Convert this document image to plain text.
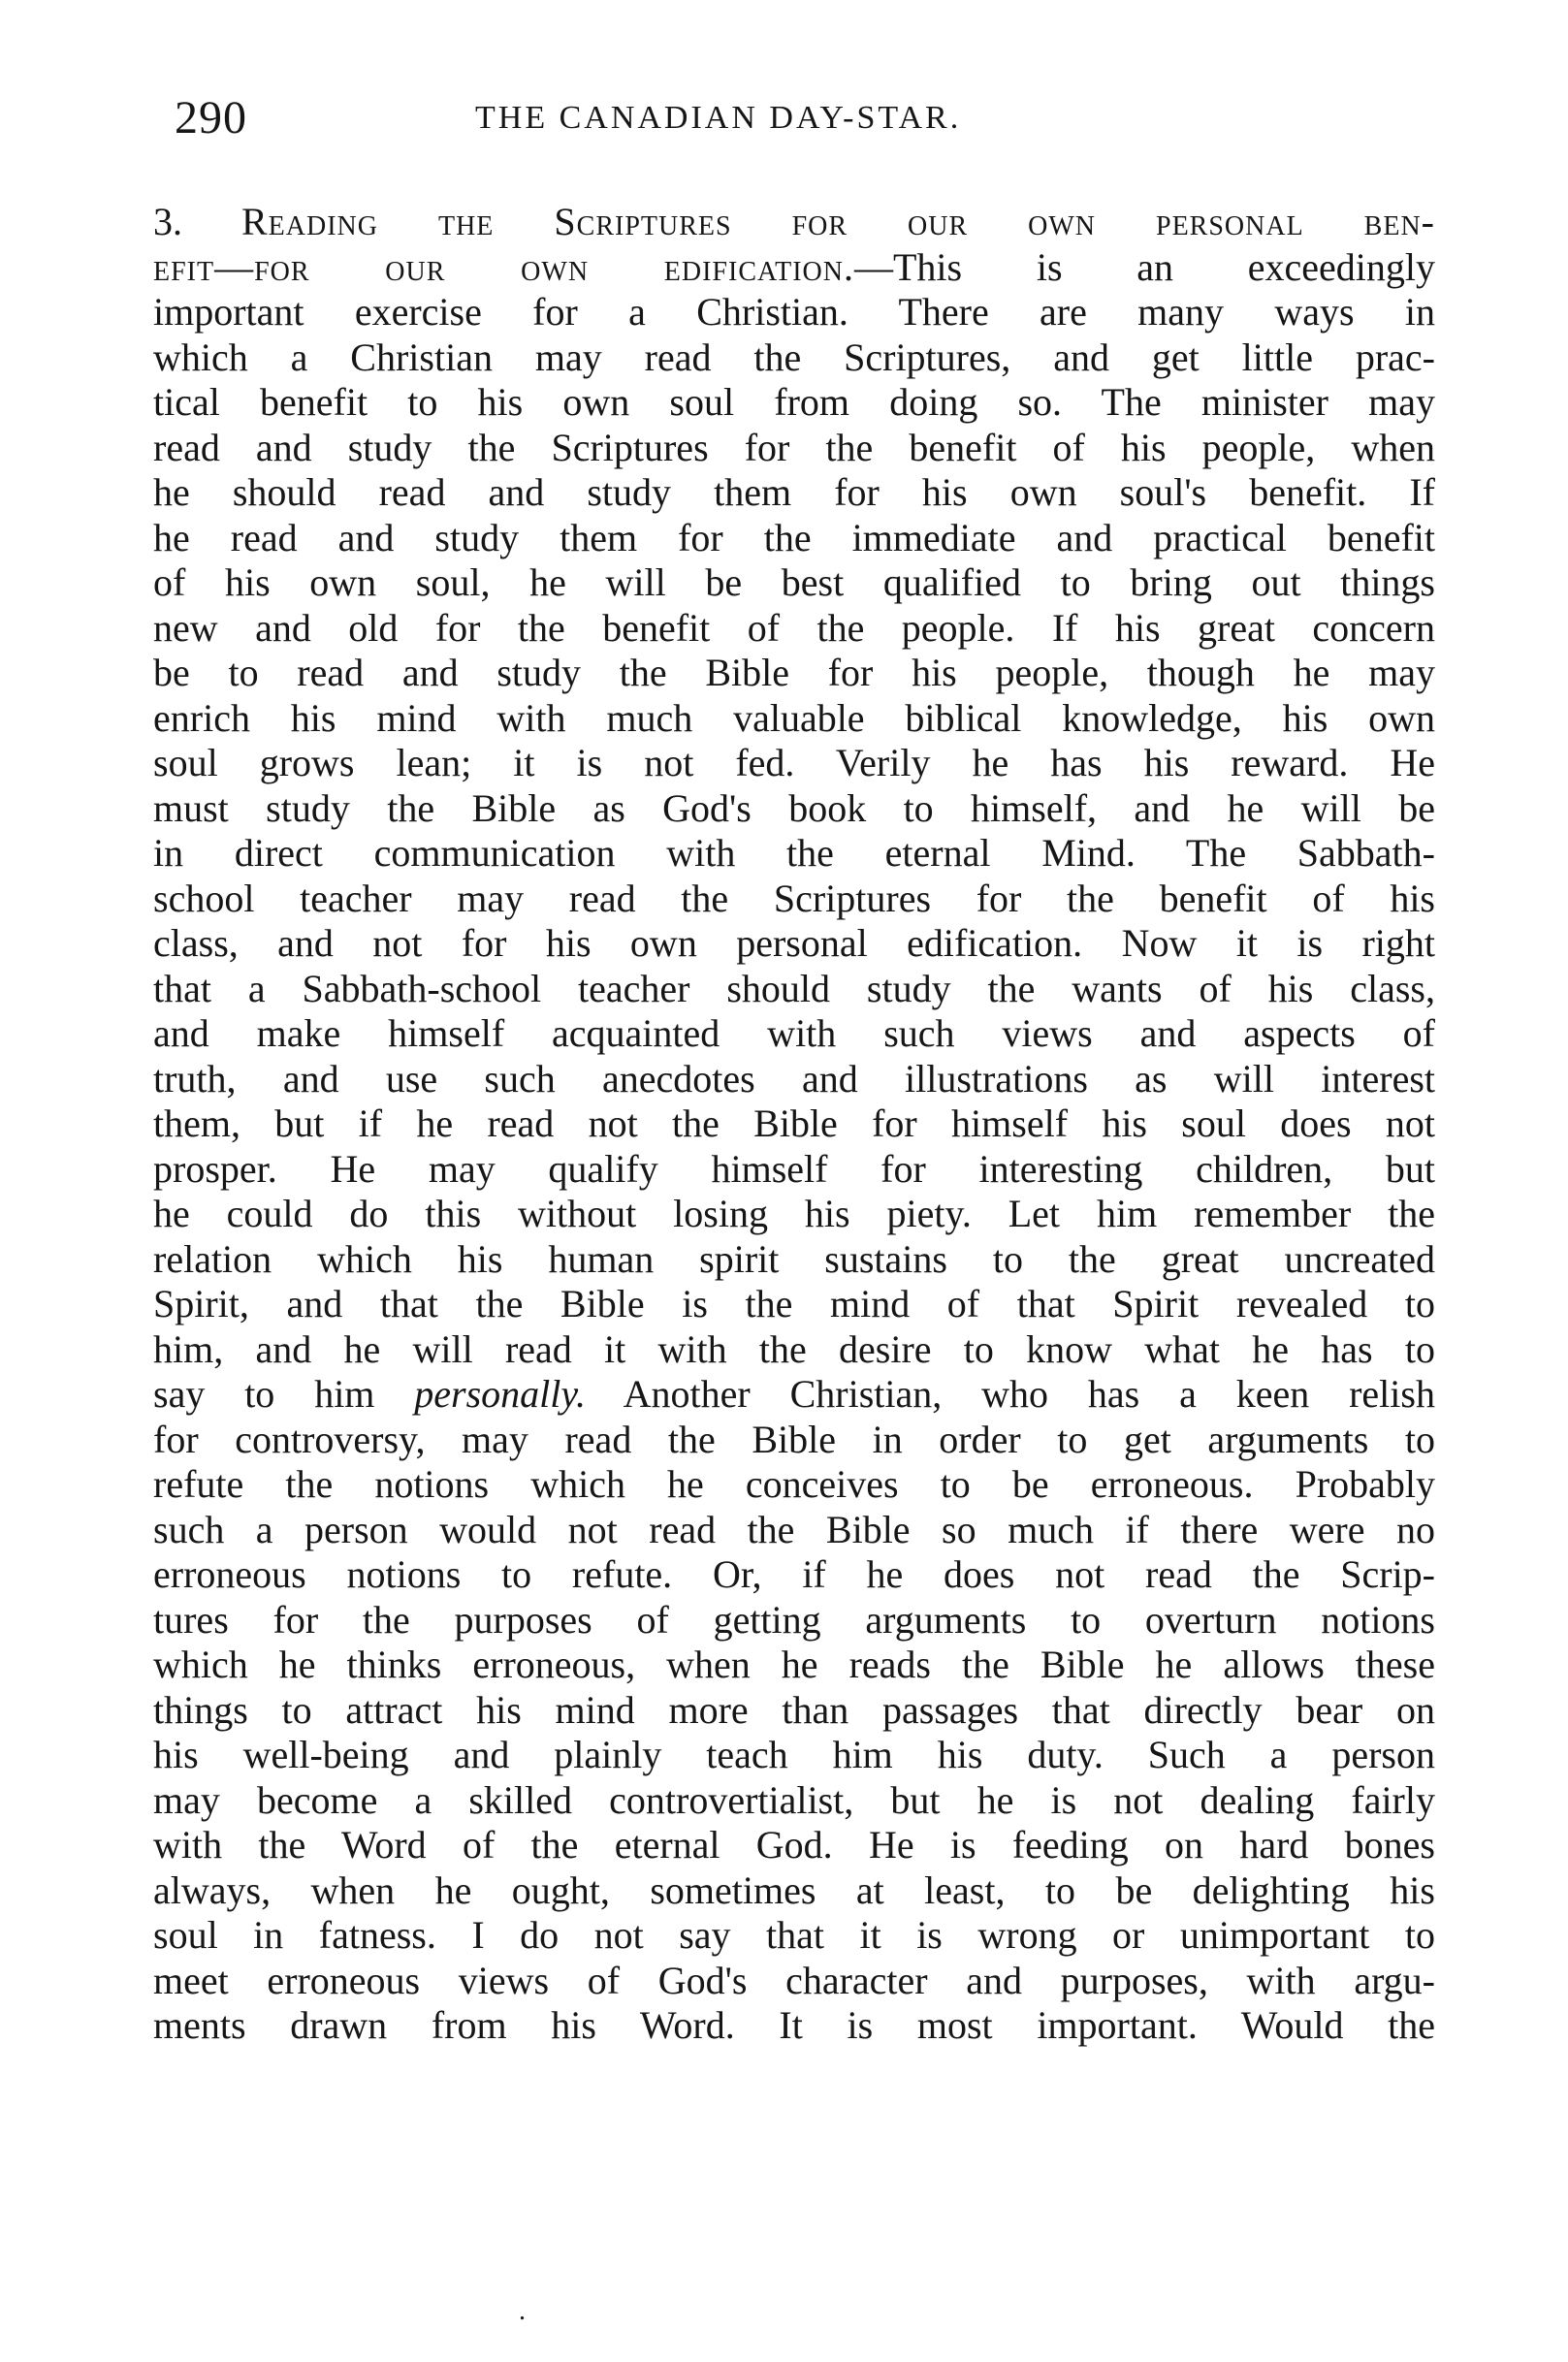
290	THE CANADIAN DAY-STAR.
3. Reading the Scriptures for our own personal ben-
efit—for our own edification.—This is an exceedingly
important exercise for a Christian. There are many ways in
which a Christian may read the Scriptures, and get little prac-
tical benefit to his own soul from doing so. The minister may
read and study the Scriptures for the benefit of his people, when
he should read and study them for his own soul's benefit. If
he read and study them for the immediate and practical benefit
of his own soul, he will be best qualified to bring out things
new and old for the benefit of the people. If his great concern
be to read and study the Bible for his people, though he may
enrich his mind with much valuable biblical knowledge, his own
soul grows lean; it is not fed. Verily he has his reward. He
must study the Bible as God's book to himself, and he will be
in direct communication with the eternal Mind. The Sabbath-
school teacher may read the Scriptures for the benefit of his
class, and not for his own personal edification. Now it is right
that a Sabbath-school teacher should study the wants of his class,
and make himself acquainted with such views and aspects of
truth, and use such anecdotes and illustrations as will interest
them, but if he read not the Bible for himself his soul does not
prosper. He may qualify himself for interesting children, but
he could do this without losing his piety. Let him remember the
relation which his human spirit sustains to the great uncreated
Spirit, and that the Bible is the mind of that Spirit revealed to
him, and he will read it with the desire to know what he has to
say to him personally. Another Christian, who has a keen relish
for controversy, may read the Bible in order to get arguments to
refute the notions which he conceives to be erroneous. Probably
such a person would not read the Bible so much if there were no
erroneous notions to refute. Or, if he does not read the Scrip-
tures for the purposes of getting arguments to overturn notions
which he thinks erroneous, when he reads the Bible he allows these
things to attract his mind more than passages that directly bear on
his well-being and plainly teach him his duty. Such a person
may become a skilled controvertialist, but he is not dealing fairly
with the Word of the eternal God. He is feeding on hard bones
always, when he ought, sometimes at least, to be delighting his
soul in fatness. I do not say that it is wrong or unimportant to
meet erroneous views of God's character and purposes, with argu-
ments drawn from his Word. It is most important. Would the
.
